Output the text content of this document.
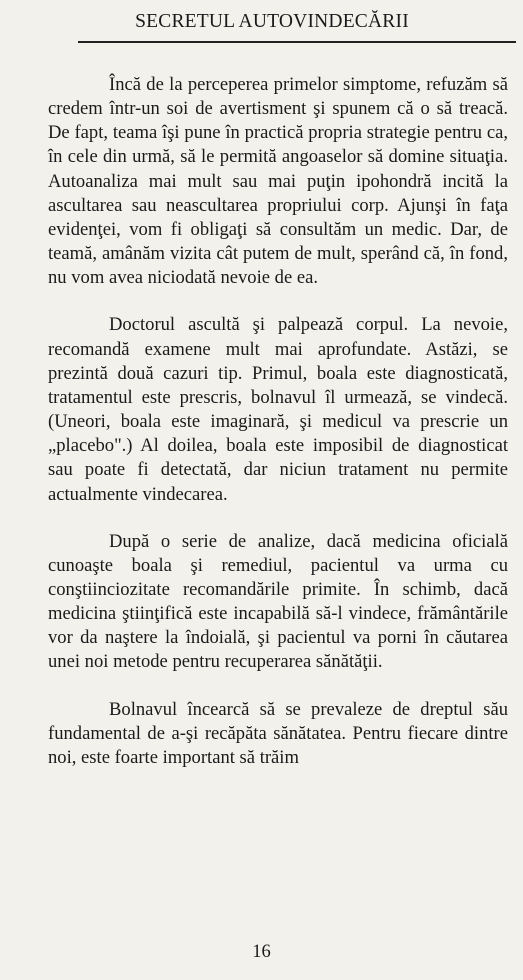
SECRETUL AUTOVINDECĂRII

Încă de la perceperea primelor simptome, refuzăm să credem într-un soi de avertisment şi spunem că o să treacă. De fapt, teama îşi pune în practică propria strategie pentru ca, în cele din urmă, să le permită angoaselor să domine situaţia. Autoanaliza mai mult sau mai puţin ipohondră incită la ascultarea sau neascultarea propriului corp. Ajunşi în faţa evidenţei, vom fi obligaţi să consultăm un medic. Dar, de teamă, amânăm vizita cât putem de mult, sperând că, în fond, nu vom avea niciodată nevoie de ea.

Doctorul ascultă şi palpează corpul. La nevoie, recomandă examene mult mai aprofundate. Astăzi, se prezintă două cazuri tip. Primul, boala este diagnosticată, tratamentul este prescris, bolnavul îl urmează, se vindecă. (Uneori, boala este imaginară, şi medicul va prescrie un „placebo".) Al doilea, boala este imposibil de diagnosticat sau poate fi detectată, dar niciun tratament nu permite actualmente vindecarea.

După o serie de analize, dacă medicina oficială cunoaşte boala şi remediul, pacientul va urma cu conştiinciozitate recomandările primite. În schimb, dacă medicina ştiinţifică este incapabilă să-l vindece, frământările vor da naştere la îndoială, şi pacientul va porni în căutarea unei noi metode pentru recuperarea sănătăţii.

Bolnavul încearcă să se prevaleze de dreptul său fundamental de a-şi recăpăta sănătatea. Pentru fiecare dintre noi, este foarte important să trăim

16
